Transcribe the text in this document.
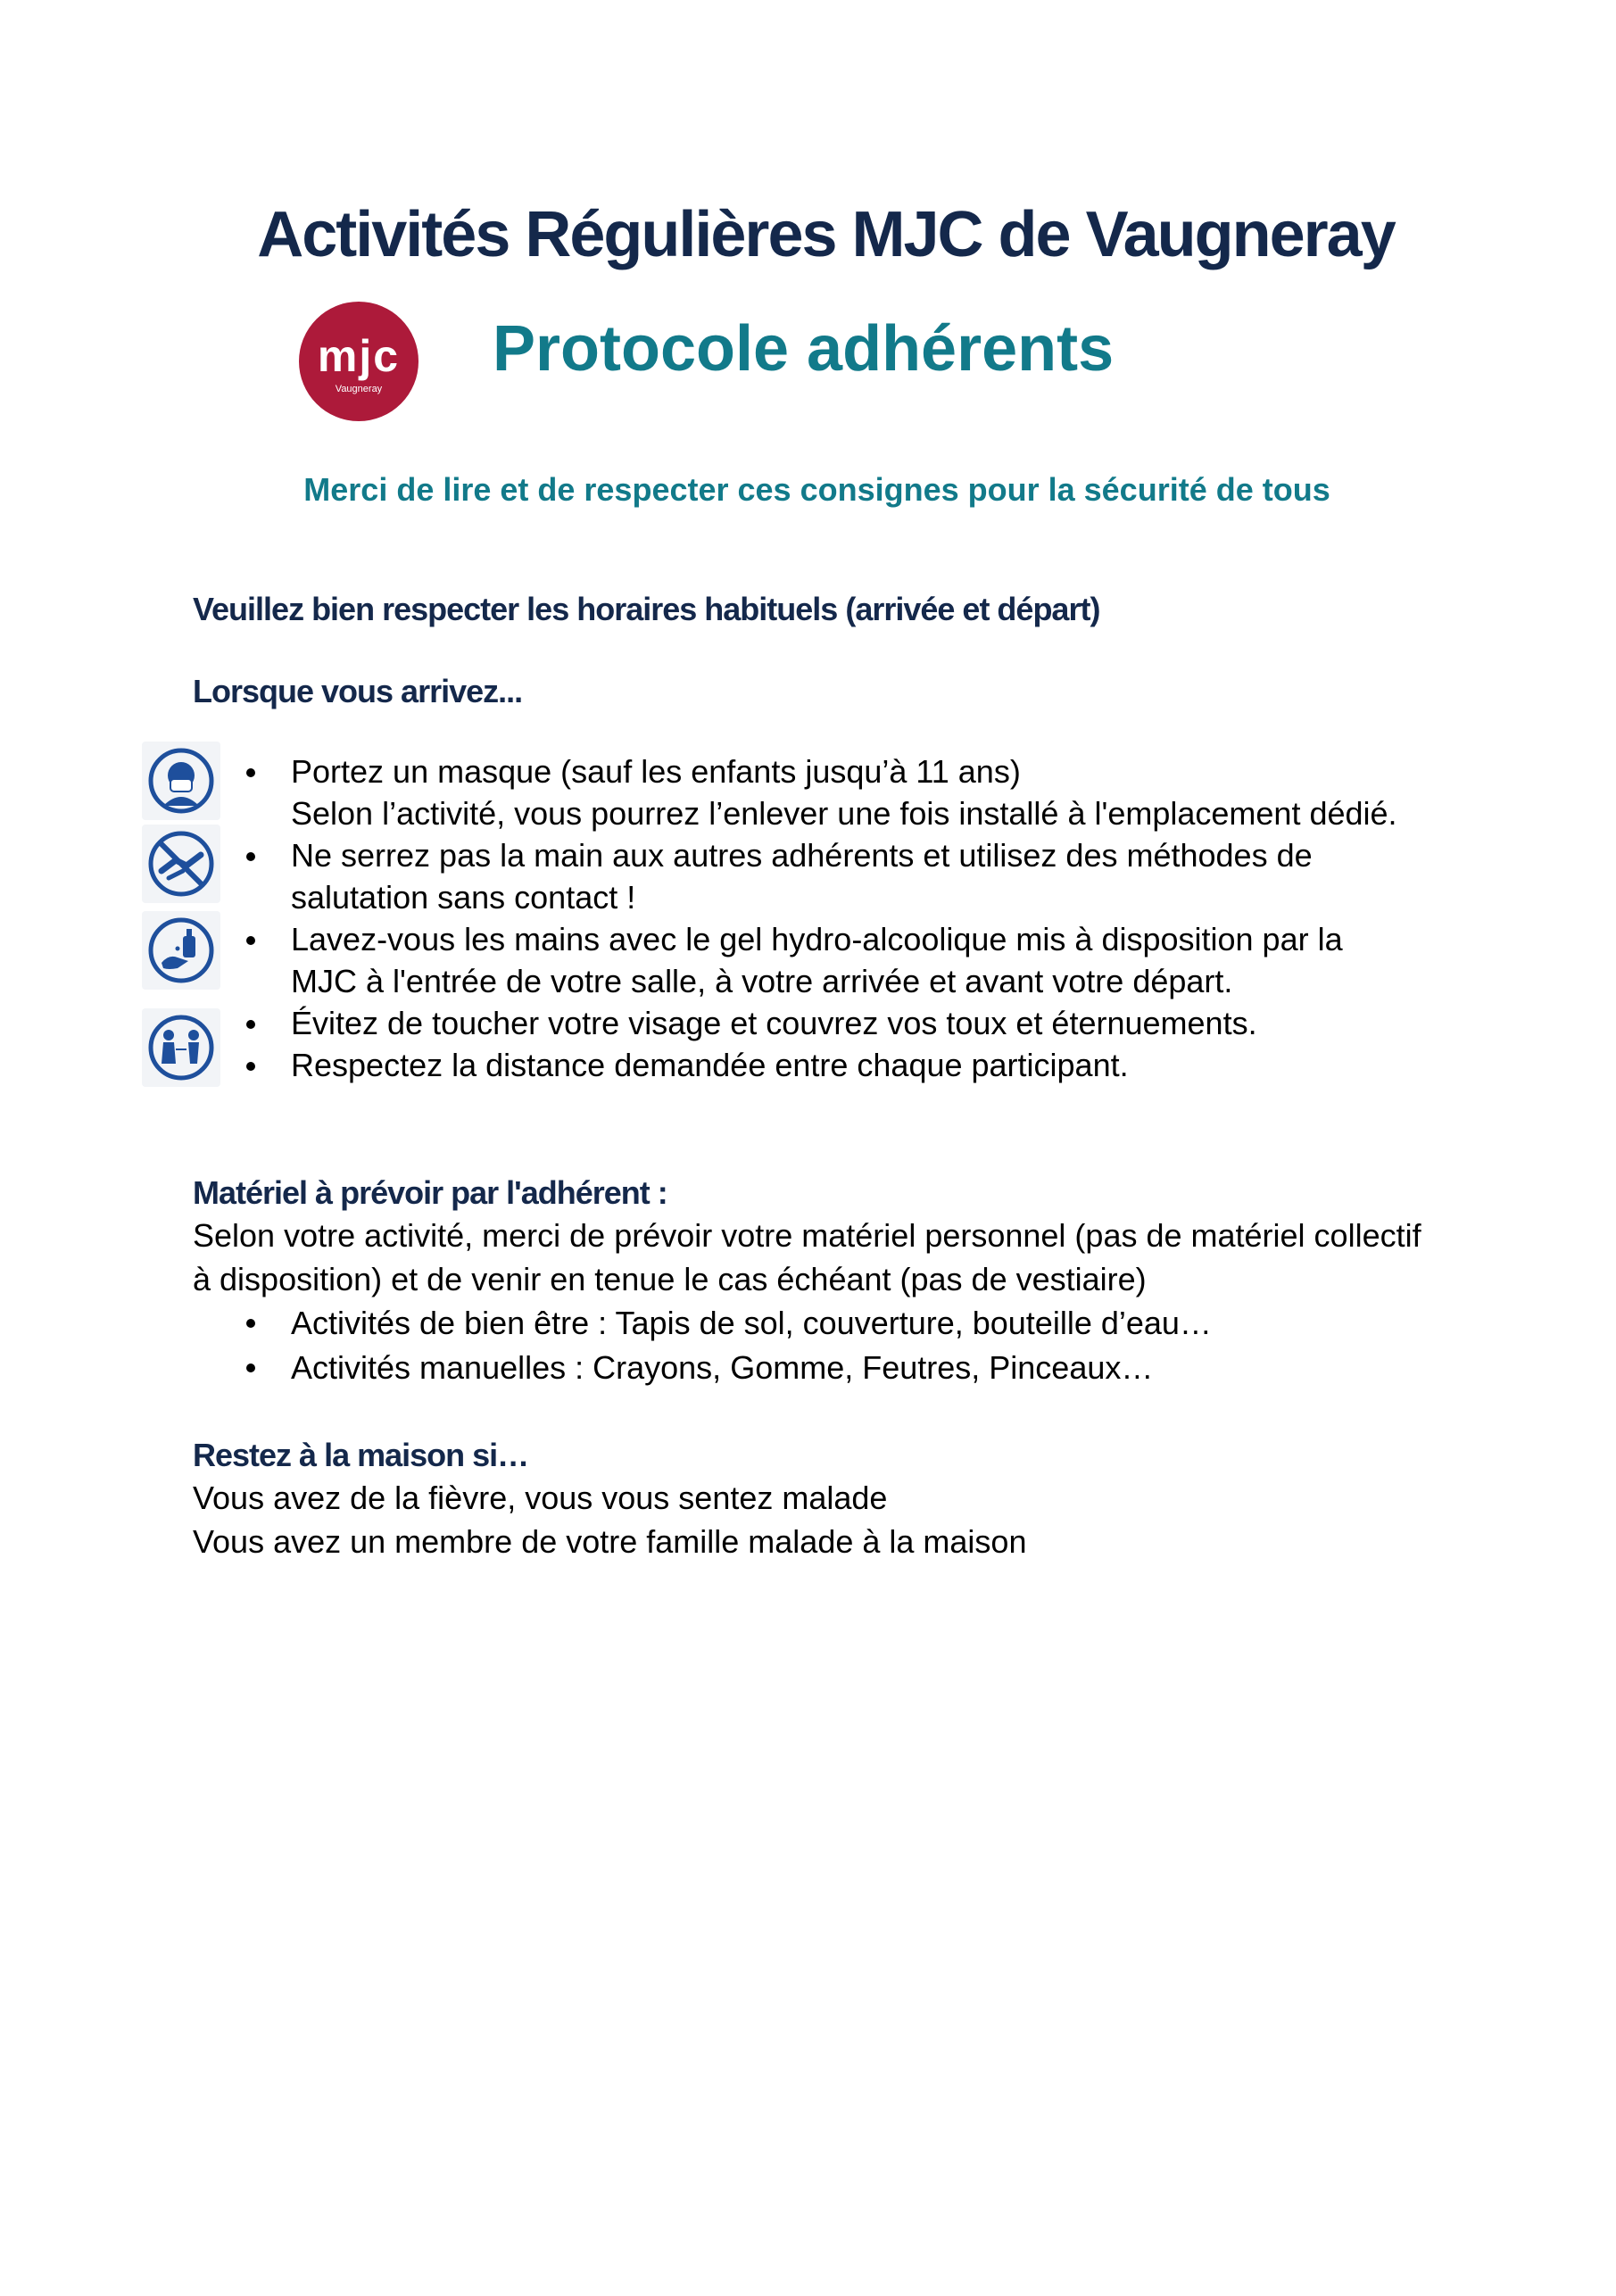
Activités Régulières MJC de Vaugneray
mjc
Vaugneray
Protocole adhérents
Merci de lire et de respecter ces consignes pour la sécurité de tous
Veuillez bien respecter les horaires habituels (arrivée et départ)
Lorsque vous arrivez...
Portez un masque (sauf les enfants jusqu’à 11 ans)
Selon l’activité, vous pourrez l’enlever une fois installé à l'emplacement dédié.
Ne serrez pas la main aux autres adhérents et utilisez des méthodes de
salutation sans contact !
Lavez-vous les mains avec le gel hydro-alcoolique mis à disposition par la
MJC à l'entrée de votre salle, à votre arrivée et avant votre départ.
Évitez de toucher votre visage et couvrez vos toux et éternuements.
Respectez la distance demandée entre chaque participant.
Matériel à prévoir par l'adhérent :
Selon votre activité, merci de prévoir votre matériel personnel (pas de matériel collectif
à disposition) et de venir en tenue le cas échéant (pas de vestiaire)
Activités de bien être : Tapis de sol, couverture, bouteille d’eau…
Activités manuelles : Crayons, Gomme, Feutres, Pinceaux…
Restez à la maison si…
Vous avez de la fièvre, vous vous sentez malade
Vous avez un membre de votre famille malade à la maison
